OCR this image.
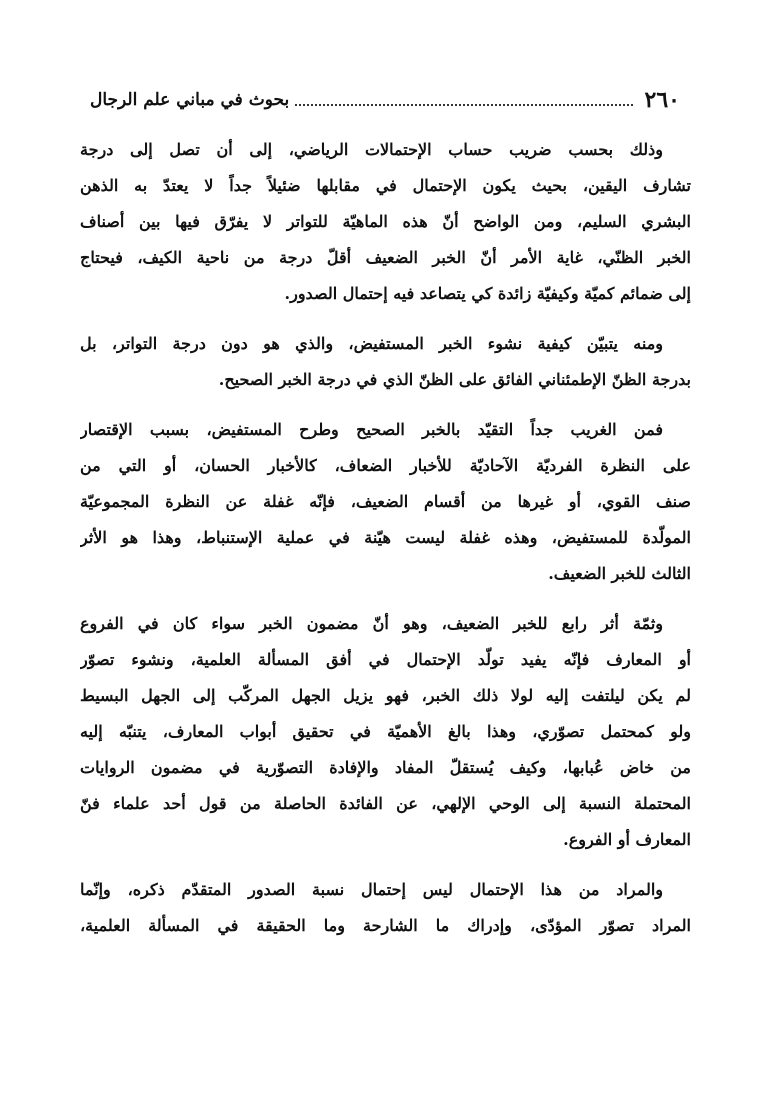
٢٦٠
بحوث في مباني علم الرجال
وذلك بحسب ضريب حساب الإحتمالات الرياضي، إلى أن تصل إلى درجة
تشارف اليقين، بحيث يكون الإحتمال في مقابلها ضئيلاً جداً لا يعتدّ به الذهن
البشري السليم، ومن الواضح أنّ هذه الماهيّة للتواتر لا يفرّق فيها بين أصناف
الخبر الظنّي، غاية الأمر أنّ الخبر الضعيف أقلّ درجة من ناحية الكيف، فيحتاج
إلى ضمائم كميّة وكيفيّة زائدة كي يتصاعد فيه إحتمال الصدور.
ومنه يتبيّن كيفية نشوء الخبر المستفيض، والذي هو دون درجة التواتر، بل
بدرجة الظنّ الإطمئناني الفائق على الظنّ الذي في درجة الخبر الصحيح.
فمن الغريب جداً التقيّد بالخبر الصحيح وطرح المستفيض، بسبب الإقتصار
على النظرة الفرديّة الآحاديّة للأخبار الضعاف، كالأخبار الحسان، أو التي من
صنف القوي، أو غيرها من أقسام الضعيف، فإنّه غفلة عن النظرة المجموعيّة
المولّدة للمستفيض، وهذه غفلة ليست هيّنة في عملية الإستنباط، وهذا هو الأثر
الثالث للخبر الضعيف.
وثمّة أثر رابع للخبر الضعيف، وهو أنّ مضمون الخبر سواء كان في الفروع
أو المعارف فإنّه يفيد تولّد الإحتمال في أفق المسألة العلمية، ونشوء تصوّر
لم يكن ليلتفت إليه لولا ذلك الخبر، فهو يزيل الجهل المركّب إلى الجهل البسيط
ولو كمحتمل تصوّري، وهذا بالغ الأهميّة في تحقيق أبواب المعارف، يتنبّه إليه
من خاض عُبابها، وكيف يُستقلّ المفاد والإفادة التصوّرية في مضمون الروايات
المحتملة النسبة إلى الوحي الإلهي، عن الفائدة الحاصلة من قول أحد علماء فنّ
المعارف أو الفروع.
والمراد من هذا الإحتمال ليس إحتمال نسبة الصدور المتقدّم ذكره، وإنّما
المراد تصوّر المؤدّى، وإدراك ما الشارحة وما الحقيقة في المسألة العلمية،
